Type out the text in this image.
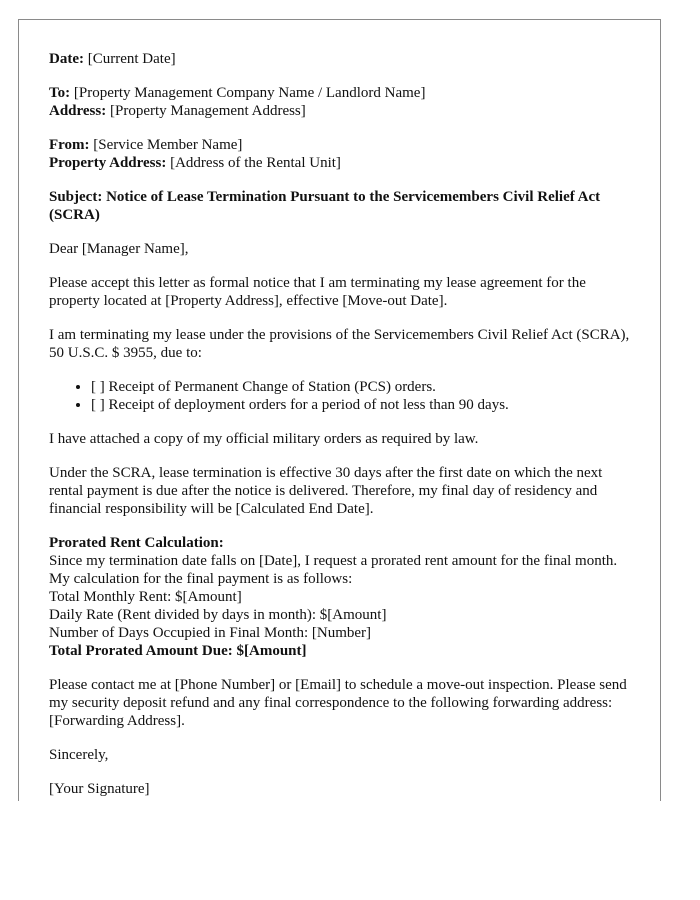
Date: [Current Date]

To: [Property Management Company Name / Landlord Name]
Address: [Property Management Address]

From: [Service Member Name]
Property Address: [Address of the Rental Unit]

Subject: Notice of Lease Termination Pursuant to the Servicemembers Civil Relief Act (SCRA)

Dear [Manager Name],

Please accept this letter as formal notice that I am terminating my lease agreement for the property located at [Property Address], effective [Move-out Date].

I am terminating my lease under the provisions of the Servicemembers Civil Relief Act (SCRA), 50 U.S.C. $ 3955, due to:

• [ ] Receipt of Permanent Change of Station (PCS) orders.
• [ ] Receipt of deployment orders for a period of not less than 90 days.

I have attached a copy of my official military orders as required by law.

Under the SCRA, lease termination is effective 30 days after the first date on which the next rental payment is due after the notice is delivered. Therefore, my final day of residency and financial responsibility will be [Calculated End Date].

Prorated Rent Calculation:
Since my termination date falls on [Date], I request a prorated rent amount for the final month. My calculation for the final payment is as follows:
Total Monthly Rent: $[Amount]
Daily Rate (Rent divided by days in month): $[Amount]
Number of Days Occupied in Final Month: [Number]
Total Prorated Amount Due: $[Amount]

Please contact me at [Phone Number] or [Email] to schedule a move-out inspection. Please send my security deposit refund and any final correspondence to the following forwarding address: [Forwarding Address].

Sincerely,

[Your Signature]
